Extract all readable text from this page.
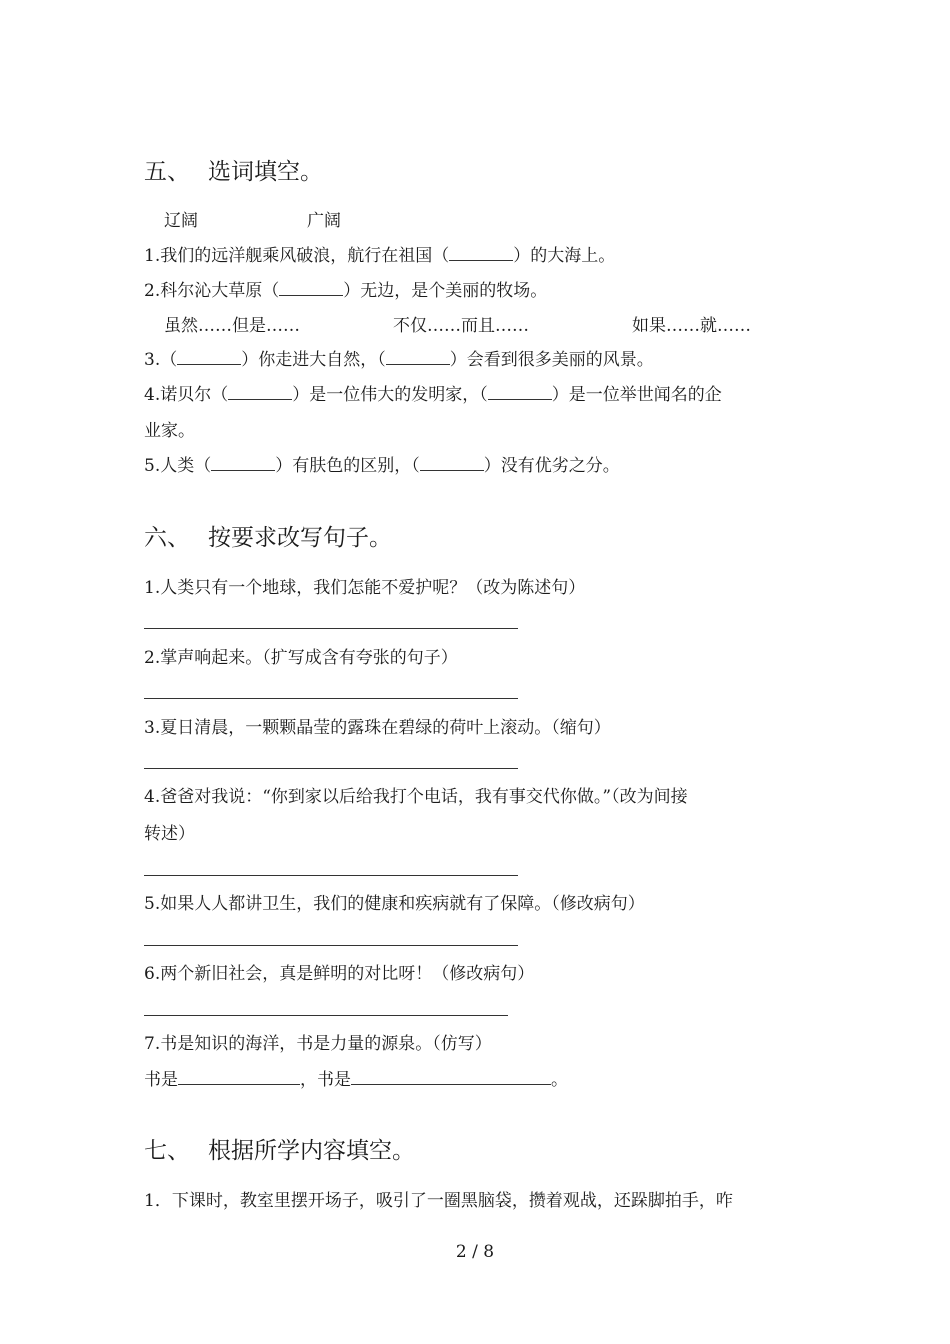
五、 选词填空。
辽阔	广阔
1.我们的远洋舰乘风破浪，航行在祖国（	）的大海上。
2.科尔沁大草原（	）无边，是个美丽的牧场。
虽然……但是……	不仅……而且……	如果……就……
3.（	）你走进大自然，（	）会看到很多美丽的风景。
4.诺贝尔（	）是一位伟大的发明家，（	）是一位举世闻名的企
业家。
5.人类（	）有肤色的区别，（	）没有优劣之分。
六、 按要求改写句子。
1.人类只有一个地球，我们怎能不爱护呢？（改为陈述句）
2.掌声响起来。（扩写成含有夸张的句子）
3.夏日清晨，一颗颗晶莹的露珠在碧绿的荷叶上滚动。（缩句）
4.爸爸对我说：“你到家以后给我打个电话，我有事交代你做。”（改为间接
转述）
5.如果人人都讲卫生，我们的健康和疾病就有了保障。（修改病句）
6.两个新旧社会，真是鲜明的对比呀！（修改病句）
7.书是知识的海洋，书是力量的源泉。（仿写）
书是	，书是	。
七、 根据所学内容填空。
1．下课时，教室里摆开场子，吸引了一圈黑脑袋，攒着观战，还跺脚拍手，咋
2 / 8
